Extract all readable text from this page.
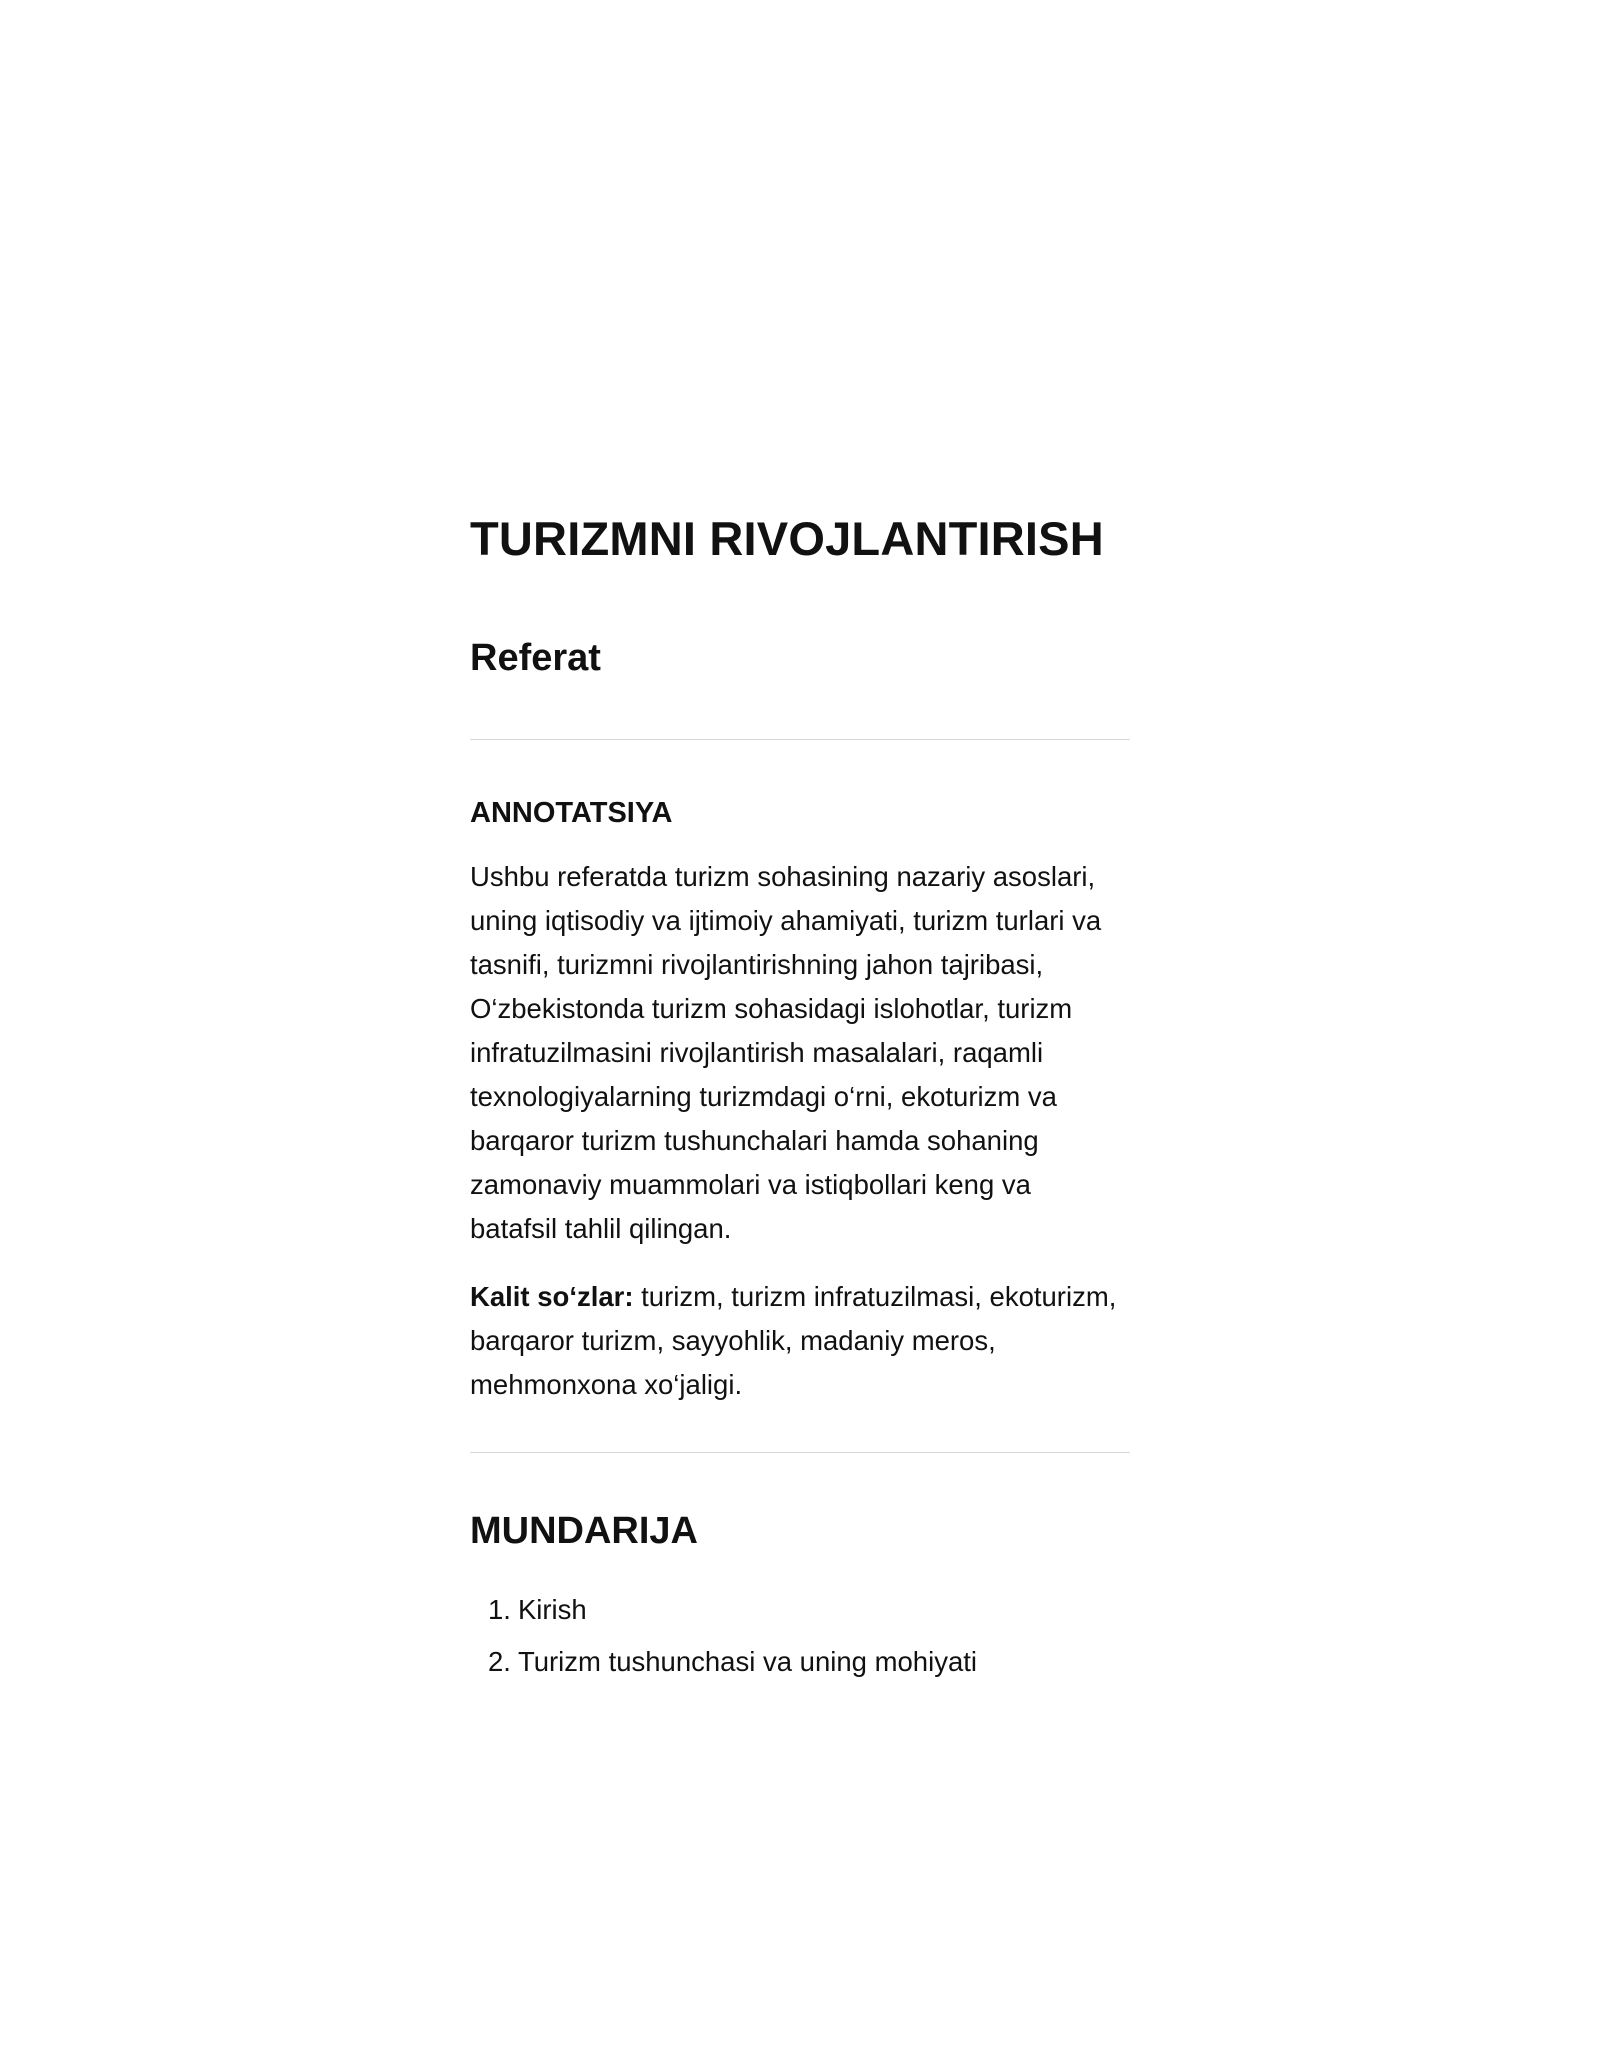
TURIZMNI RIVOJLANTIRISH
Referat
ANNOTATSIYA

Ushbu referatda turizm sohasining nazariy asoslari, uning iqtisodiy va ijtimoiy ahamiyati, turizm turlari va tasnifi, turizmni rivojlantirishning jahon tajribasi, O‘zbekistonda turizm sohasidagi islohotlar, turizm infratuzilmasini rivojlantirish masalalari, raqamli texnologiyalarning turizmdagi o‘rni, ekoturizm va barqaror turizm tushunchalari hamda sohaning zamonaviy muammolari va istiqbollari keng va batafsil tahlil qilingan.

Kalit so‘zlar: turizm, turizm infratuzilmasi, ekoturizm, barqaror turizm, sayyohlik, madaniy meros, mehmonxona xo‘jaligi.

MUNDARIJA
1. Kirish
2. Turizm tushunchasi va uning mohiyati
